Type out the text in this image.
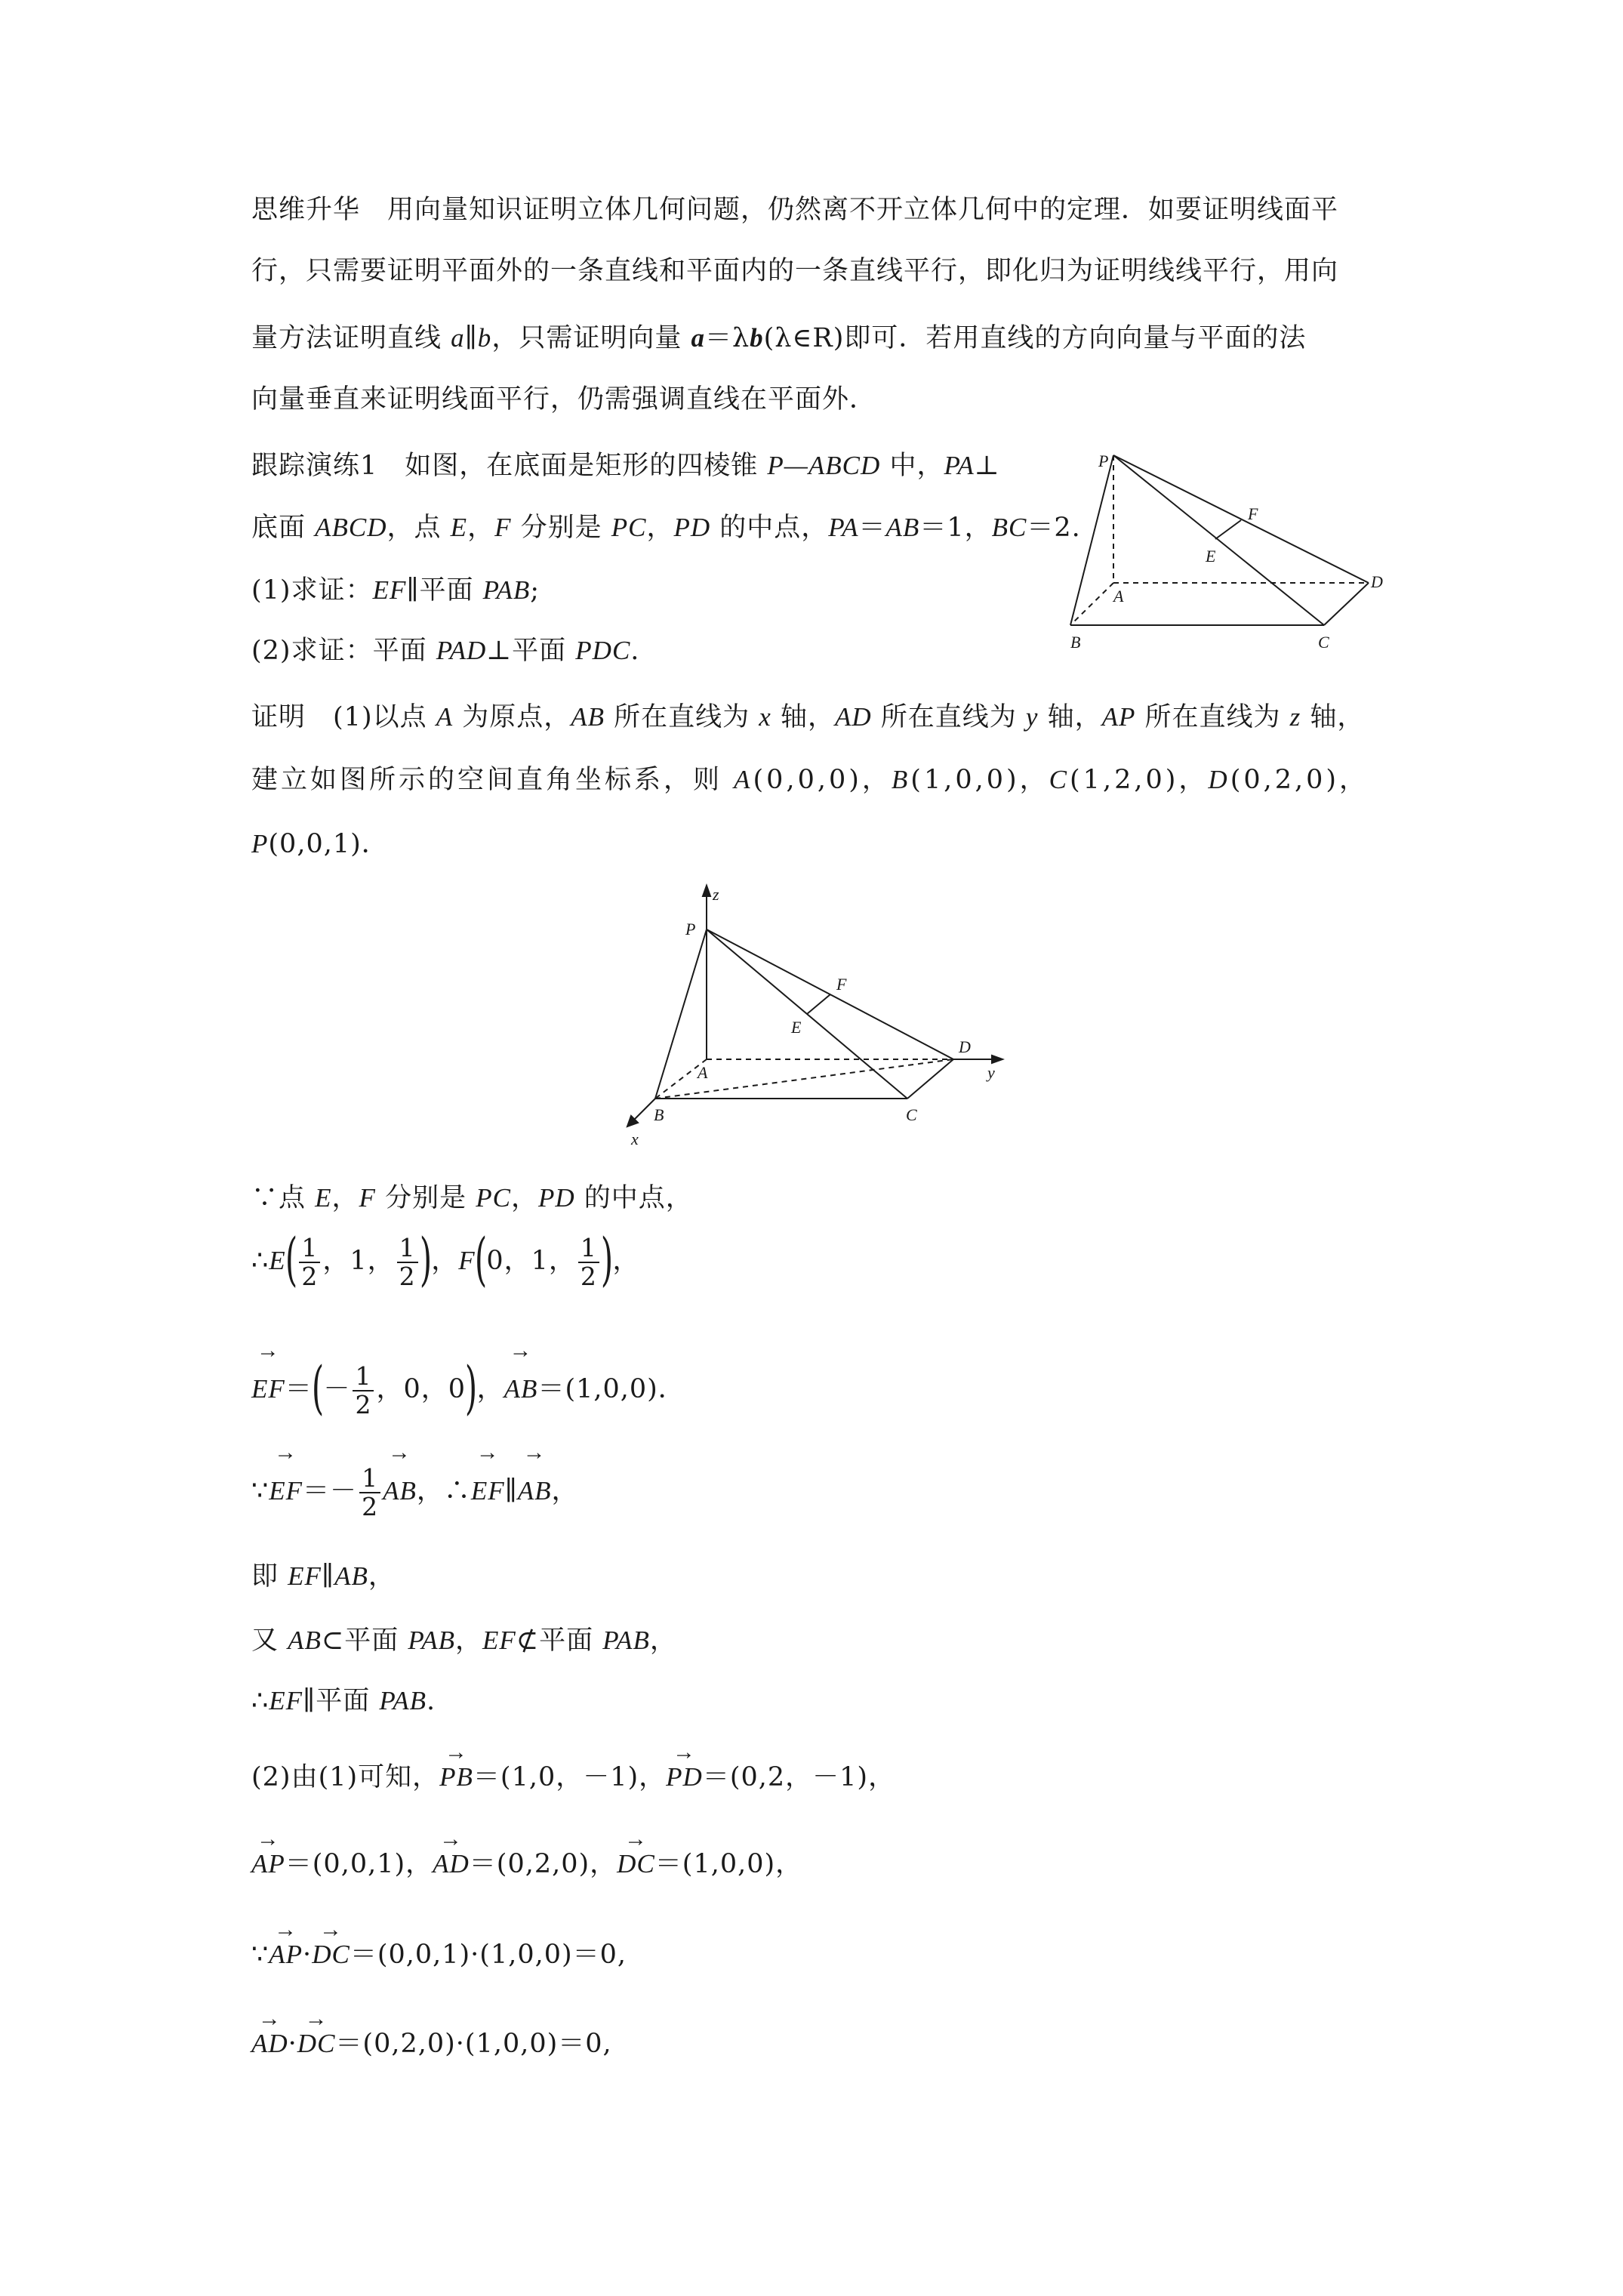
思维升华 用向量知识证明立体几何问题，仍然离不开立体几何中的定理．如要证明线面平
行，只需要证明平面外的一条直线和平面内的一条直线平行，即化归为证明线线平行，用向
量方法证明直线 a∥b，只需证明向量 a＝λb(λ∈R)即可．若用直线的方向向量与平面的法
向量垂直来证明线面平行，仍需强调直线在平面外．
跟踪演练1 如图，在底面是矩形的四棱锥 P—ABCD 中，PA⊥
底面 ABCD，点 E，F 分别是 PC，PD 的中点，PA＝AB＝1，BC＝2.
(1)求证：EF∥平面 PAB;
(2)求证：平面 PAD⊥平面 PDC.
P
A
B	C
D
E
F
证明 (1)以点 A 为原点，AB 所在直线为 x 轴，AD 所在直线为 y 轴，AP 所在直线为 z 轴，
建立如图所示的空间直角坐标系，则 A(0,0,0)，B(1,0,0)，C(1,2,0)，D(0,2,0)，
P(0,0,1)．
z
P
F
E
D
y
A
B	C
x
∵点 E，F 分别是 PC，PD 的中点，
∴E( $\frac{1}{2}$ ，1， $\frac{1}{2}$ )，F(0，1， $\frac{1}{2}$ )，
→ $EF=(- \frac{1}{2}$ ，0，0)，→ AB＝(1,0,0)．
∵→ $EF=- \frac{1}{2}$
→ AB，∴→ EF∥→ AB，
即 EF∥AB，
又 AB⊂平面 PAB，EF⊄平面 PAB，
∴EF∥平面 PAB.
(2)由(1)可知，→ PB＝(1,0，－1)，→ PD＝(0,2，－1)，
→ AP＝(0,0,1)，→ AD＝(0,2,0)，→ DC＝(1,0,0)，
∵→ AP·→ DC＝(0,0,1)·(1,0,0)＝0,
→ AD·→ DC＝(0,2,0)·(1,0,0)＝0,
